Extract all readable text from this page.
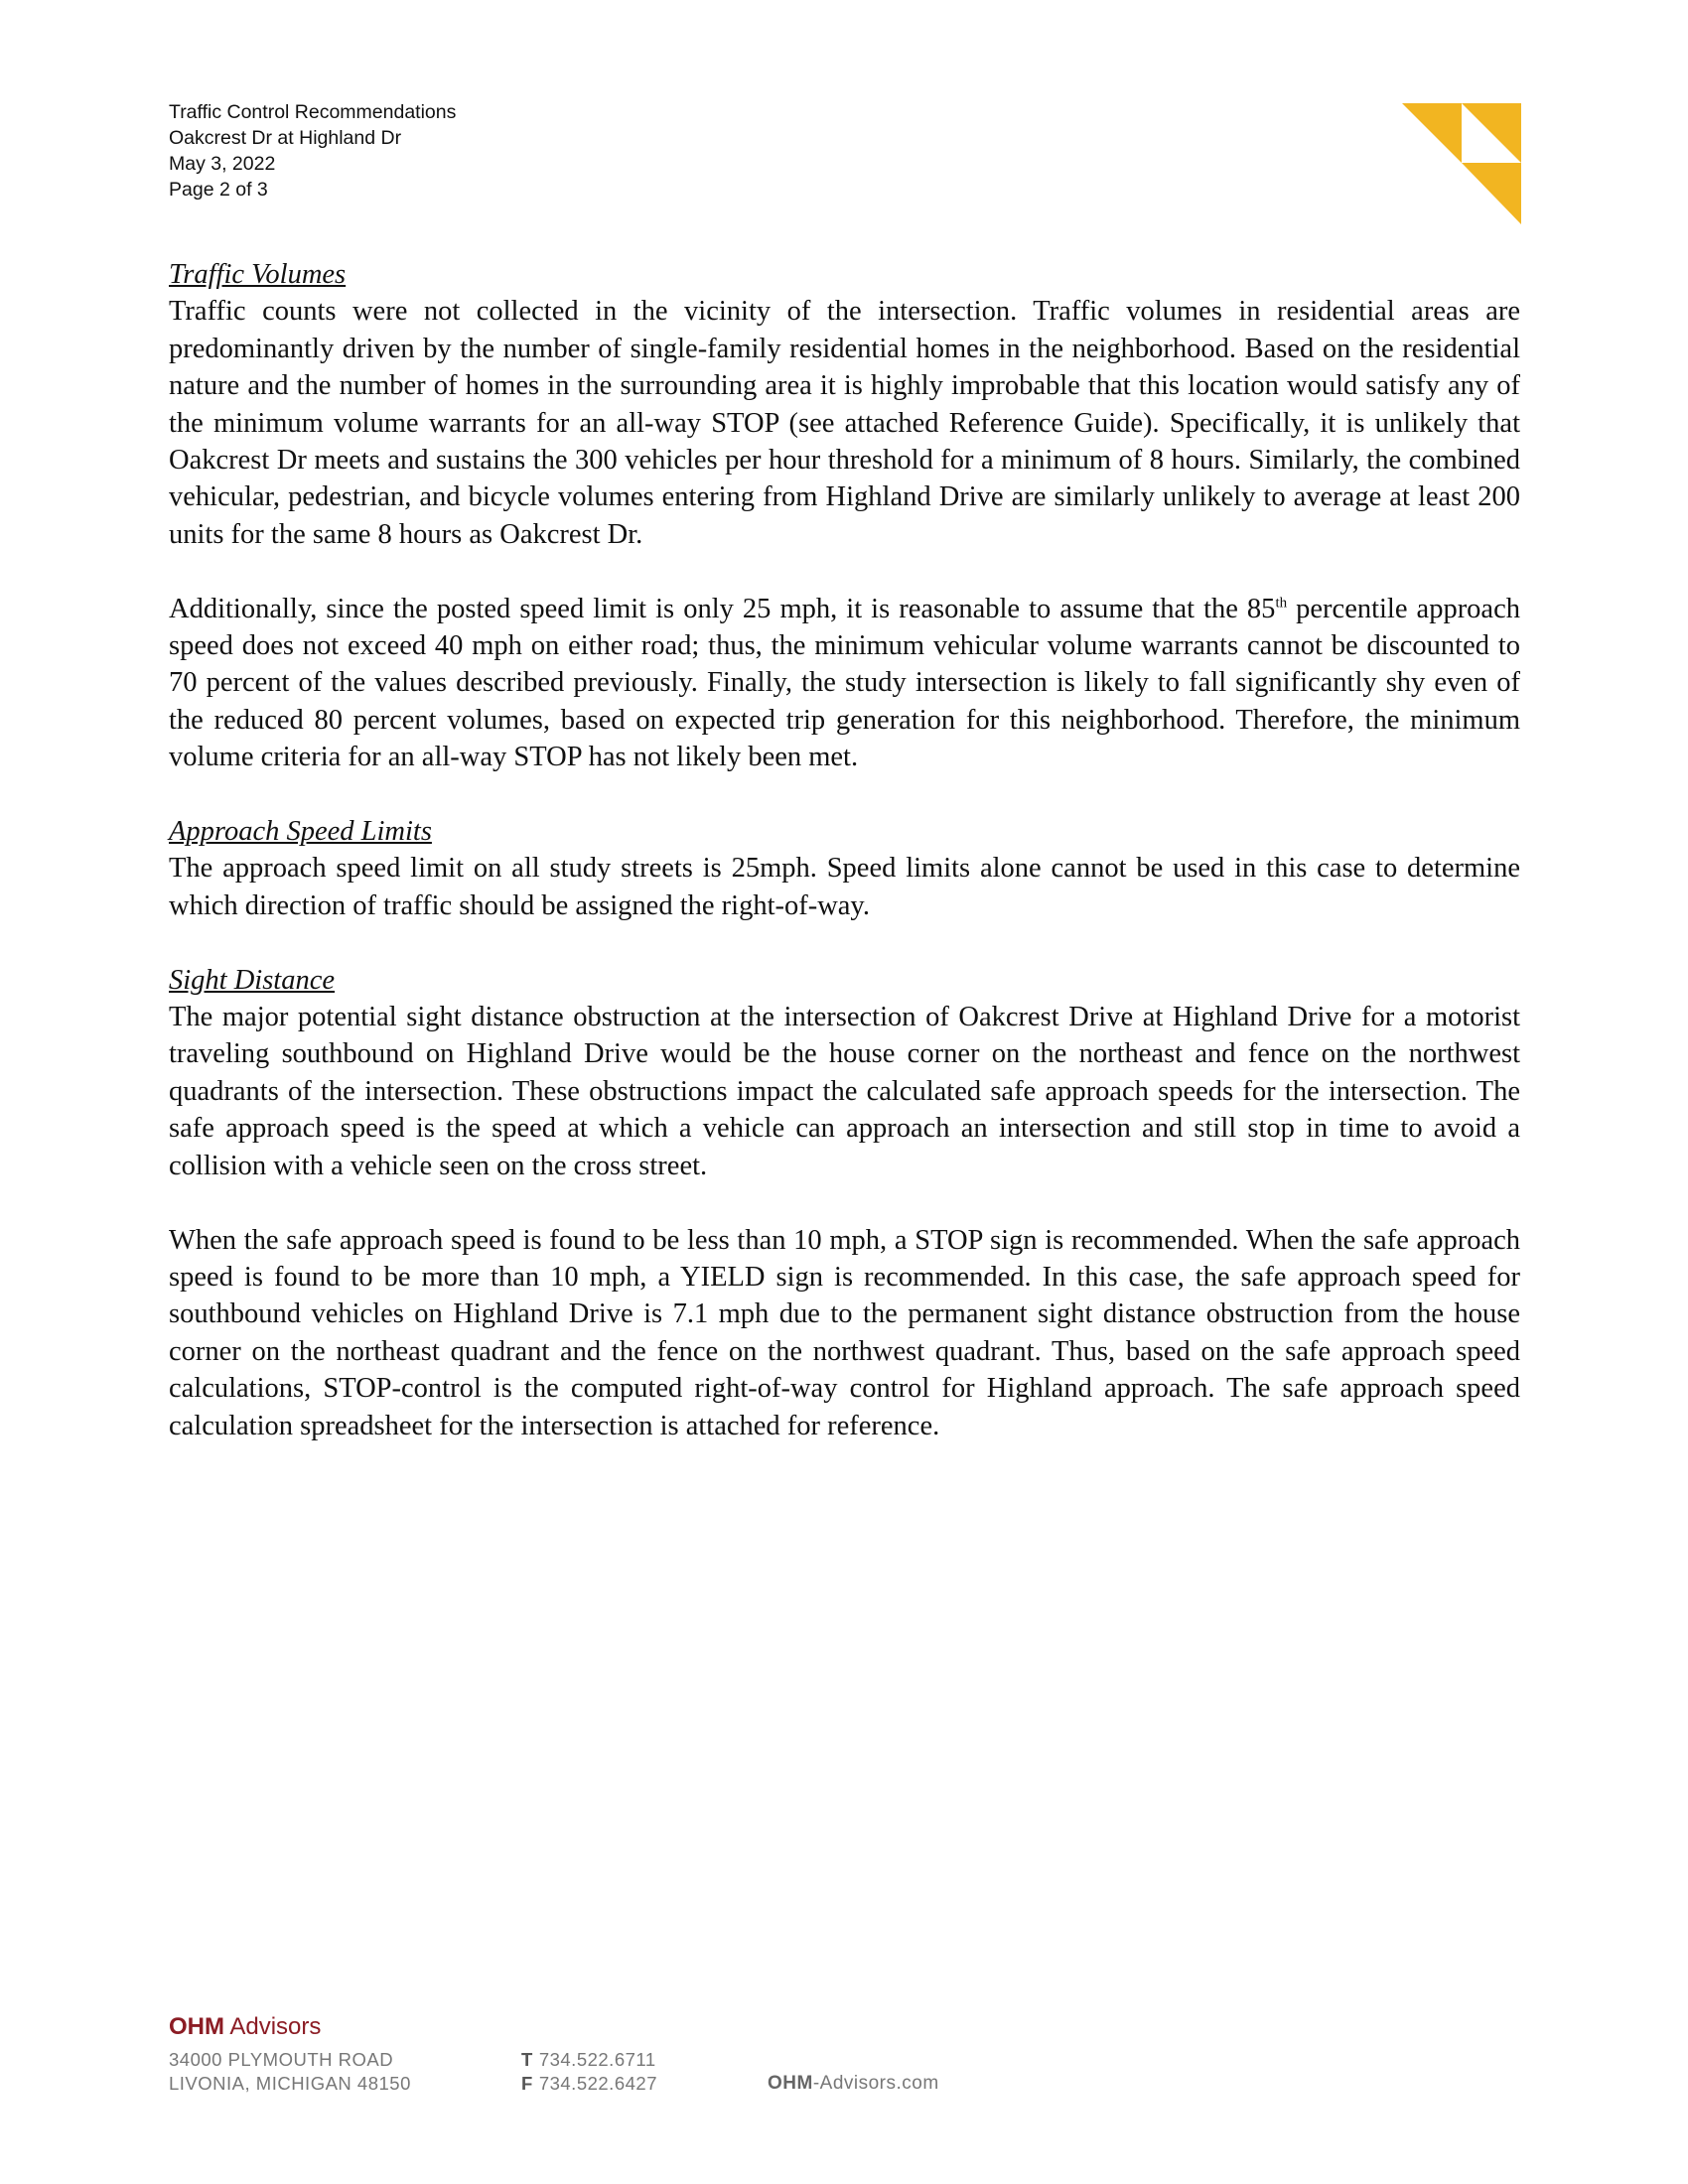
Traffic Control Recommendations
Oakcrest Dr at Highland Dr
May 3, 2022
Page 2 of 3
Traffic Volumes

Traffic counts were not collected in the vicinity of the intersection. Traffic volumes in residential areas are predominantly driven by the number of single-family residential homes in the neighborhood. Based on the residential nature and the number of homes in the surrounding area it is highly improbable that this location would satisfy any of the minimum volume warrants for an all-way STOP (see attached Reference Guide). Specifically, it is unlikely that Oakcrest Dr meets and sustains the 300 vehicles per hour threshold for a minimum of 8 hours. Similarly, the combined vehicular, pedestrian, and bicycle volumes entering from Highland Drive are similarly unlikely to average at least 200 units for the same 8 hours as Oakcrest Dr.

Additionally, since the posted speed limit is only 25 mph, it is reasonable to assume that the 85th percentile approach speed does not exceed 40 mph on either road; thus, the minimum vehicular volume warrants cannot be discounted to 70 percent of the values described previously. Finally, the study intersection is likely to fall significantly shy even of the reduced 80 percent volumes, based on expected trip generation for this neighborhood. Therefore, the minimum volume criteria for an all-way STOP has not likely been met.

Approach Speed Limits

The approach speed limit on all study streets is 25mph. Speed limits alone cannot be used in this case to determine which direction of traffic should be assigned the right-of-way.

Sight Distance

The major potential sight distance obstruction at the intersection of Oakcrest Drive at Highland Drive for a motorist traveling southbound on Highland Drive would be the house corner on the northeast and fence on the northwest quadrants of the intersection. These obstructions impact the calculated safe approach speeds for the intersection. The safe approach speed is the speed at which a vehicle can approach an intersection and still stop in time to avoid a collision with a vehicle seen on the cross street.

When the safe approach speed is found to be less than 10 mph, a STOP sign is recommended. When the safe approach speed is found to be more than 10 mph, a YIELD sign is recommended. In this case, the safe approach speed for southbound vehicles on Highland Drive is 7.1 mph due to the permanent sight distance obstruction from the house corner on the northeast quadrant and the fence on the northwest quadrant. Thus, based on the safe approach speed calculations, STOP-control is the computed right-of-way control for Highland approach. The safe approach speed calculation spreadsheet for the intersection is attached for reference.

OHM Advisors
34000 PLYMOUTH ROAD
LIVONIA, MICHIGAN 48150
T 734.522.6711
F 734.522.6427	OHM-Advisors.com
